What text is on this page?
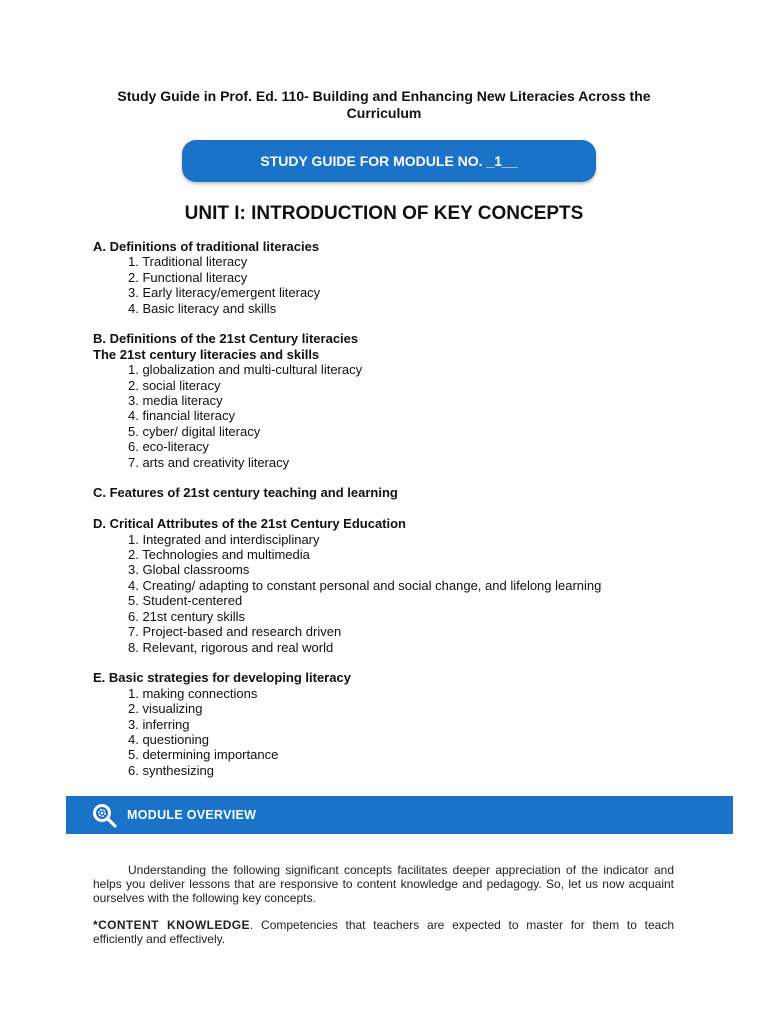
Study Guide in Prof. Ed. 110- Building and Enhancing New Literacies Across the Curriculum
STUDY GUIDE FOR MODULE NO. _1__
UNIT I: INTRODUCTION OF KEY CONCEPTS
A. Definitions of traditional literacies
1. Traditional literacy
2. Functional literacy
3. Early literacy/emergent literacy
4. Basic literacy and skills
B. Definitions of the 21st Century literacies
The 21st century literacies and skills
1. globalization and multi-cultural literacy
2. social literacy
3. media literacy
4. financial literacy
5. cyber/ digital literacy
6. eco-literacy
7. arts and creativity literacy
C. Features of 21st century teaching and learning
D. Critical Attributes of the 21st Century Education
1. Integrated and interdisciplinary
2. Technologies and multimedia
3. Global classrooms
4. Creating/ adapting to constant personal and social change, and lifelong learning
5. Student-centered
6. 21st century skills
7. Project-based and research driven
8. Relevant, rigorous and real world
E. Basic strategies for developing literacy
1. making connections
2. visualizing
3. inferring
4. questioning
5. determining importance
6. synthesizing
MODULE OVERVIEW

Understanding the following significant concepts facilitates deeper appreciation of the indicator and helps you deliver lessons that are responsive to content knowledge and pedagogy. So, let us now acquaint ourselves with the following key concepts.

*CONTENT KNOWLEDGE. Competencies that teachers are expected to master for them to teach efficiently and effectively.
